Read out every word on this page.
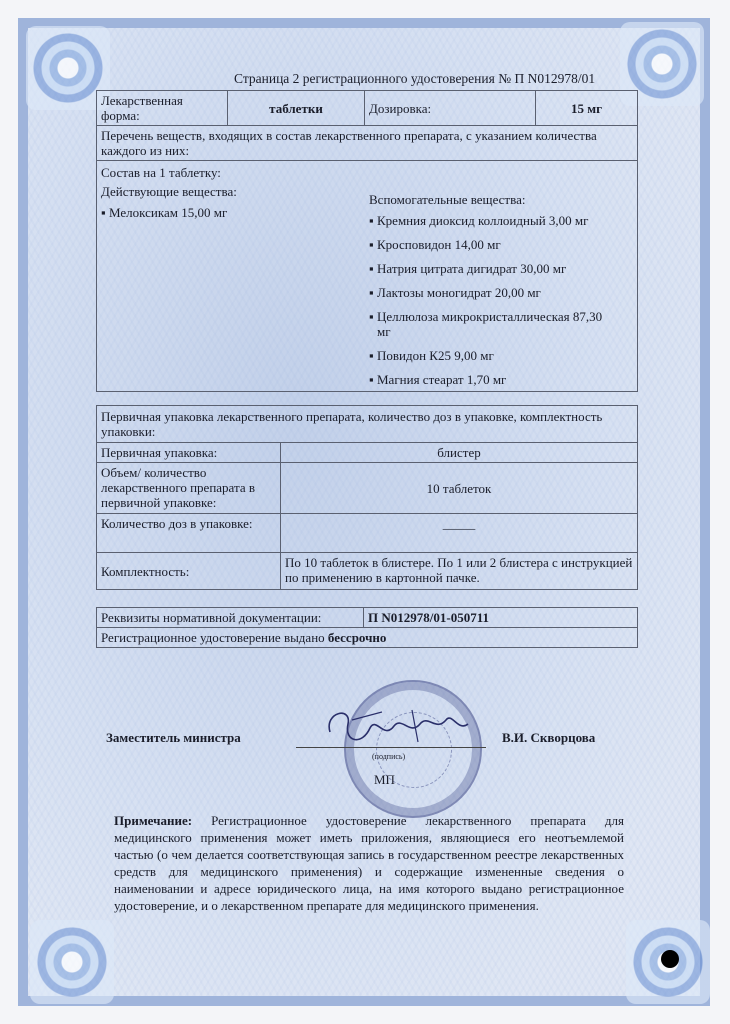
Страница 2 регистрационного удостоверения № П N012978/01
Лекарственная форма:	таблетки	Дозировка:	15 мг
Перечень веществ, входящих в состав лекарственного препарата, с указанием количества каждого из них:

Состав на 1 таблетку:
Действующие вещества:
▪ Мелоксикам 15,00 мг
Вспомогательные вещества:
▪ Кремния диоксид коллоидный 3,00 мг
▪ Кросповидон 14,00 мг
▪ Натрия цитрата дигидрат 30,00 мг
▪ Лактозы моногидрат 20,00 мг
▪ Целлюлоза микрокристаллическая 87,30 мг
▪ Повидон К25 9,00 мг
▪ Магния стеарат 1,70 мг
Первичная упаковка лекарственного препарата, количество доз в упаковке, комплектность упаковки:	
Первичная упаковка:	блистер
Объем/ количество лекарственного препарата в первичной упаковке:	10 таблеток
Количество доз в упаковке:	_____
Комплектность:	По 10 таблеток в блистере. По 1 или 2 блистера с инструкцией по применению в картонной пачке.
Реквизиты нормативной документации:	П N012978/01-050711
Регистрационное удостоверение выдано бессрочно
(подпись)
МП
Заместитель министра	В.И. Скворцова
Примечание: Регистрационное удостоверение лекарственного препарата для медицинского применения может иметь приложения, являющиеся его неотъемлемой частью (о чем делается соответствующая запись в государственном реестре лекарственных средств для медицинского применения) и содержащие измененные сведения о наименовании и адресе юридического лица, на имя которого выдано регистрационное удостоверение, и о лекарственном препарате для медицинского применения.
